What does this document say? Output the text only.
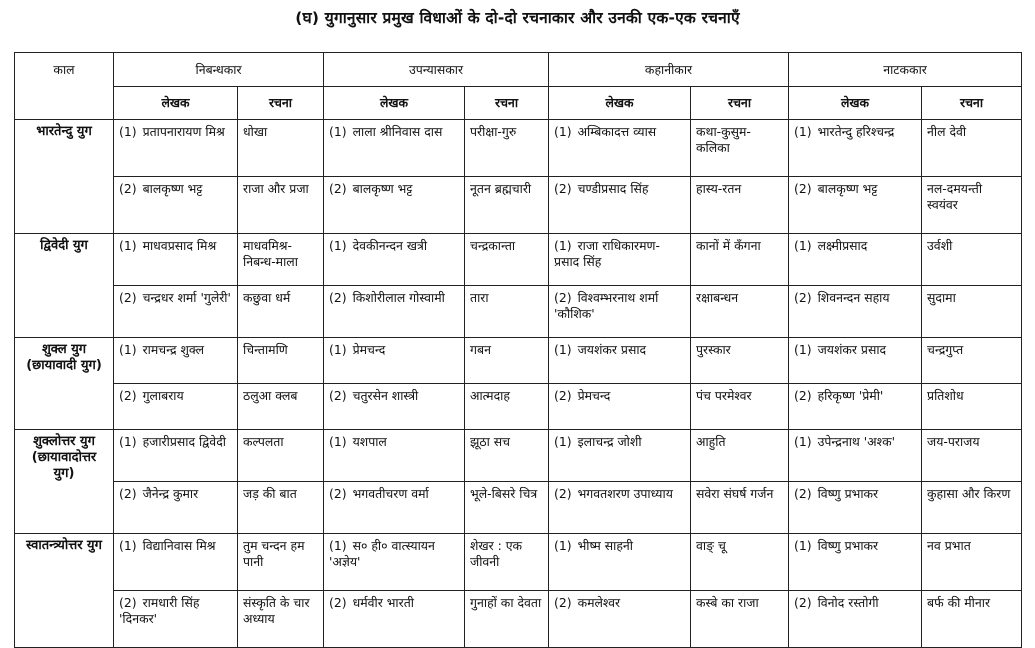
(घ) युगानुसार प्रमुख विधाओं के दो-दो रचनाकार और उनकी एक-एक रचनाएँ
काल	निबन्धकार		उपन्यासकार		कहानीकार		नाटककार	
	लेखक	रचना	लेखक	रचना	लेखक	रचना	लेखक	रचना

भारतेन्दु युग	(1) प्रतापनारायण मिश्र	धोखा	(1) लाला श्रीनिवास दास	परीक्षा-गुरु	(1) अम्बिकादत्त व्यास	कथा-कुसुम-कलिका	(1) भारतेन्दु हरिश्चन्द्र	नील देवी
	(2) बालकृष्ण भट्ट	राजा और प्रजा	(2) बालकृष्ण भट्ट	नूतन ब्रह्मचारी	(2) चण्डीप्रसाद सिंह	हास्य-रतन	(2) बालकृष्ण भट्ट	नल-दमयन्ती स्वयंवर

द्विवेदी युग	(1) माधवप्रसाद मिश्र	माधवमिश्र-निबन्ध-माला	(1) देवकीनन्दन खत्री	चन्द्रकान्ता	(1) राजा राधिकारमण-प्रसाद सिंह	कानों में कँगना	(1) लक्ष्मीप्रसाद	उर्वशी
	(2) चन्द्रधर शर्मा 'गुलेरी'	कछुवा धर्म	(2) किशोरीलाल गोस्वामी	तारा	(2) विश्वम्भरनाथ शर्मा 'कौशिक'	रक्षाबन्धन	(2) शिवनन्दन सहाय	सुदामा

शुक्ल युग
(छायावादी युग)	(1) रामचन्द्र शुक्ल	चिन्तामणि	(1) प्रेमचन्द	गबन	(1) जयशंकर प्रसाद	पुरस्कार	(1) जयशंकर प्रसाद	चन्द्रगुप्त
	(2) गुलाबराय	ठलुआ क्लब	(2) चतुरसेन शास्त्री	आत्मदाह	(2) प्रेमचन्द	पंच परमेश्वर	(2) हरिकृष्ण 'प्रेमी'	प्रतिशोध

शुक्लोत्तर युग
(छायावादोत्तर युग)	(1) हजारीप्रसाद द्विवेदी	कल्पलता	(1) यशपाल	झूठा सच	(1) इलाचन्द्र जोशी	आहुति	(1) उपेन्द्रनाथ 'अश्क'	जय-पराजय
	(2) जैनेन्द्र कुमार	जड़ की बात	(2) भगवतीचरण वर्मा	भूले-बिसरे चित्र	(2) भगवतशरण उपाध्याय	सवेरा संघर्ष गर्जन	(2) विष्णु प्रभाकर	कुहासा और किरण

स्वातन्त्र्योत्तर युग	(1) विद्यानिवास मिश्र	तुम चन्दन हम पानी	(1) स० ही० वात्स्यायन 'अज्ञेय'	शेखर : एक जीवनी	(1) भीष्म साहनी	वाङ् चू	(1) विष्णु प्रभाकर	नव प्रभात
	(2) रामधारी सिंह 'दिनकर'	संस्कृति के चार अध्याय	(2) धर्मवीर भारती	गुनाहों का देवता	(2) कमलेश्वर	कस्बे का राजा	(2) विनोद रस्तोगी	बर्फ की मीनार
